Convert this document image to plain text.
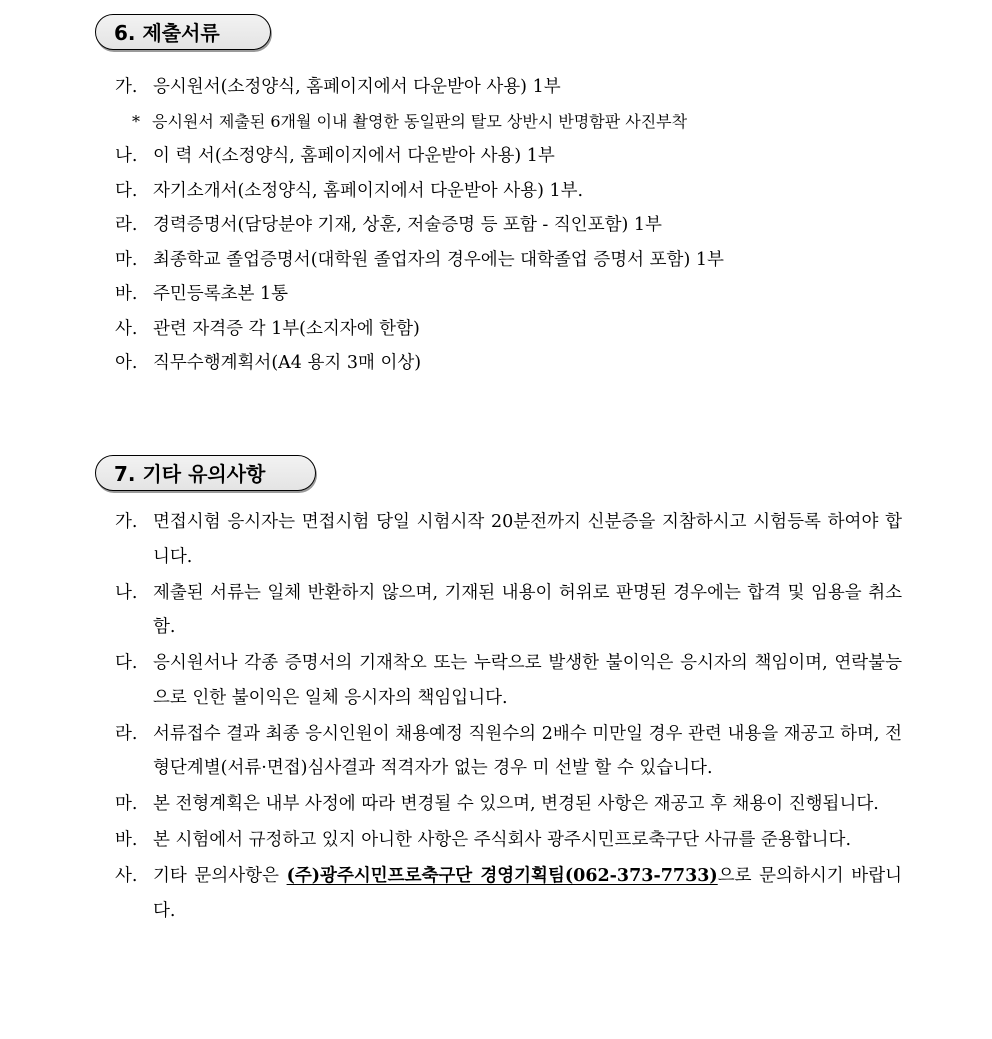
6. 제출서류
가. 응시원서(소정양식, 홈페이지에서 다운받아 사용) 1부
* 응시원서 제출된 6개월 이내 촬영한 동일판의 탈모 상반시 반명함판 사진부착
나. 이 력 서(소정양식, 홈페이지에서 다운받아 사용) 1부
다. 자기소개서(소정양식, 홈페이지에서 다운받아 사용) 1부.
라. 경력증명서(담당분야 기재, 상훈, 저술증명 등 포함 - 직인포함) 1부
마. 최종학교 졸업증명서(대학원 졸업자의 경우에는 대학졸업 증명서 포함) 1부
바. 주민등록초본 1통
사. 관련 자격증 각 1부(소지자에 한함)
아. 직무수행계획서(A4 용지 3매 이상)
7. 기타 유의사항
가. 면접시험 응시자는 면접시험 당일 시험시작 20분전까지 신분증을 지참하시고 시험등록 하여야 합니다.
나. 제출된 서류는 일체 반환하지 않으며, 기재된 내용이 허위로 판명된 경우에는 합격 및 임용을 취소함.
다. 응시원서나 각종 증명서의 기재착오 또는 누락으로 발생한 불이익은 응시자의 책임이며, 연락불능으로 인한 불이익은 일체 응시자의 책임입니다.
라. 서류접수 결과 최종 응시인원이 채용예정 직원수의 2배수 미만일 경우 관련 내용을 재공고 하며, 전형단계별(서류·면접)심사결과 적격자가 없는 경우 미 선발 할 수 있습니다.
마. 본 전형계획은 내부 사정에 따라 변경될 수 있으며, 변경된 사항은 재공고 후 채용이 진행됩니다.
바. 본 시험에서 규정하고 있지 아니한 사항은 주식회사 광주시민프로축구단 사규를 준용합니다.
사. 기타 문의사항은 (주)광주시민프로축구단 경영기획팀(062-373-7733)으로 문의하시기 바랍니다.
